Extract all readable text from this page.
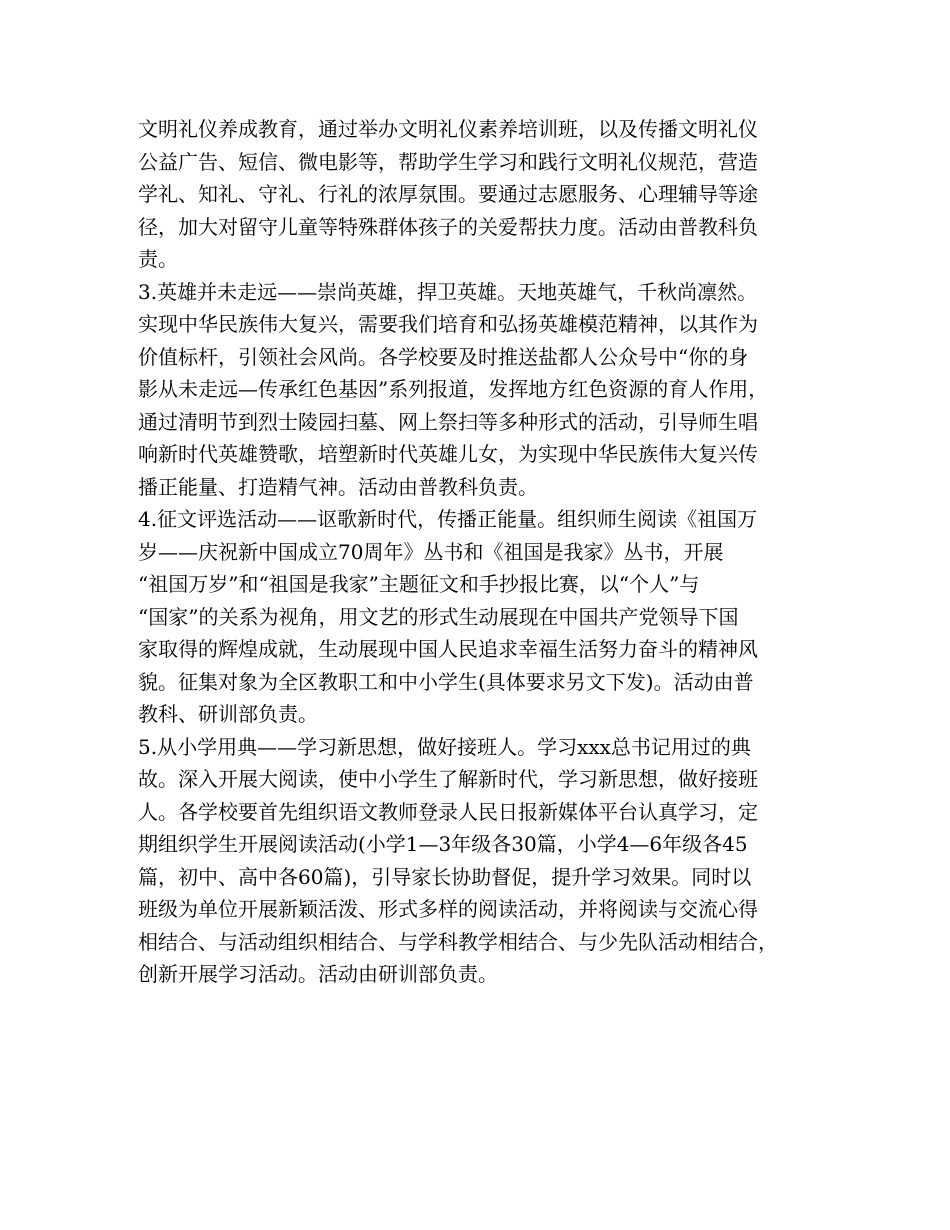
文明礼仪养成教育，通过举办文明礼仪素养培训班，以及传播文明礼仪
公益广告、短信、微电影等，帮助学生学习和践行文明礼仪规范，营造
学礼、知礼、守礼、行礼的浓厚氛围。要通过志愿服务、心理辅导等途
径，加大对留守儿童等特殊群体孩子的关爱帮扶力度。活动由普教科负
责。
3.英雄并未走远——崇尚英雄，捍卫英雄。天地英雄气，千秋尚凛然。
实现中华民族伟大复兴，需要我们培育和弘扬英雄模范精神，以其作为
价值标杆，引领社会风尚。各学校要及时推送盐都人公众号中“你的身
影从未走远—传承红色基因”系列报道，发挥地方红色资源的育人作用，
通过清明节到烈士陵园扫墓、网上祭扫等多种形式的活动，引导师生唱
响新时代英雄赞歌，培塑新时代英雄儿女，为实现中华民族伟大复兴传
播正能量、打造精气神。活动由普教科负责。
4.征文评选活动——讴歌新时代，传播正能量。组织师生阅读《祖国万
岁——庆祝新中国成立70周年》丛书和《祖国是我家》丛书，开展
“祖国万岁”和“祖国是我家”主题征文和手抄报比赛，以“个人”与
“国家”的关系为视角，用文艺的形式生动展现在中国共产党领导下国
家取得的辉煌成就，生动展现中国人民追求幸福生活努力奋斗的精神风
貌。征集对象为全区教职工和中小学生(具体要求另文下发)。活动由普
教科、研训部负责。
5.从小学用典——学习新思想，做好接班人。学习xxx总书记用过的典
故。深入开展大阅读，使中小学生了解新时代，学习新思想，做好接班
人。各学校要首先组织语文教师登录人民日报新媒体平台认真学习，定
期组织学生开展阅读活动(小学1—3年级各30篇，小学4—6年级各45
篇，初中、高中各60篇)，引导家长协助督促，提升学习效果。同时以
班级为单位开展新颖活泼、形式多样的阅读活动，并将阅读与交流心得
相结合、与活动组织相结合、与学科教学相结合、与少先队活动相结合，
创新开展学习活动。活动由研训部负责。
